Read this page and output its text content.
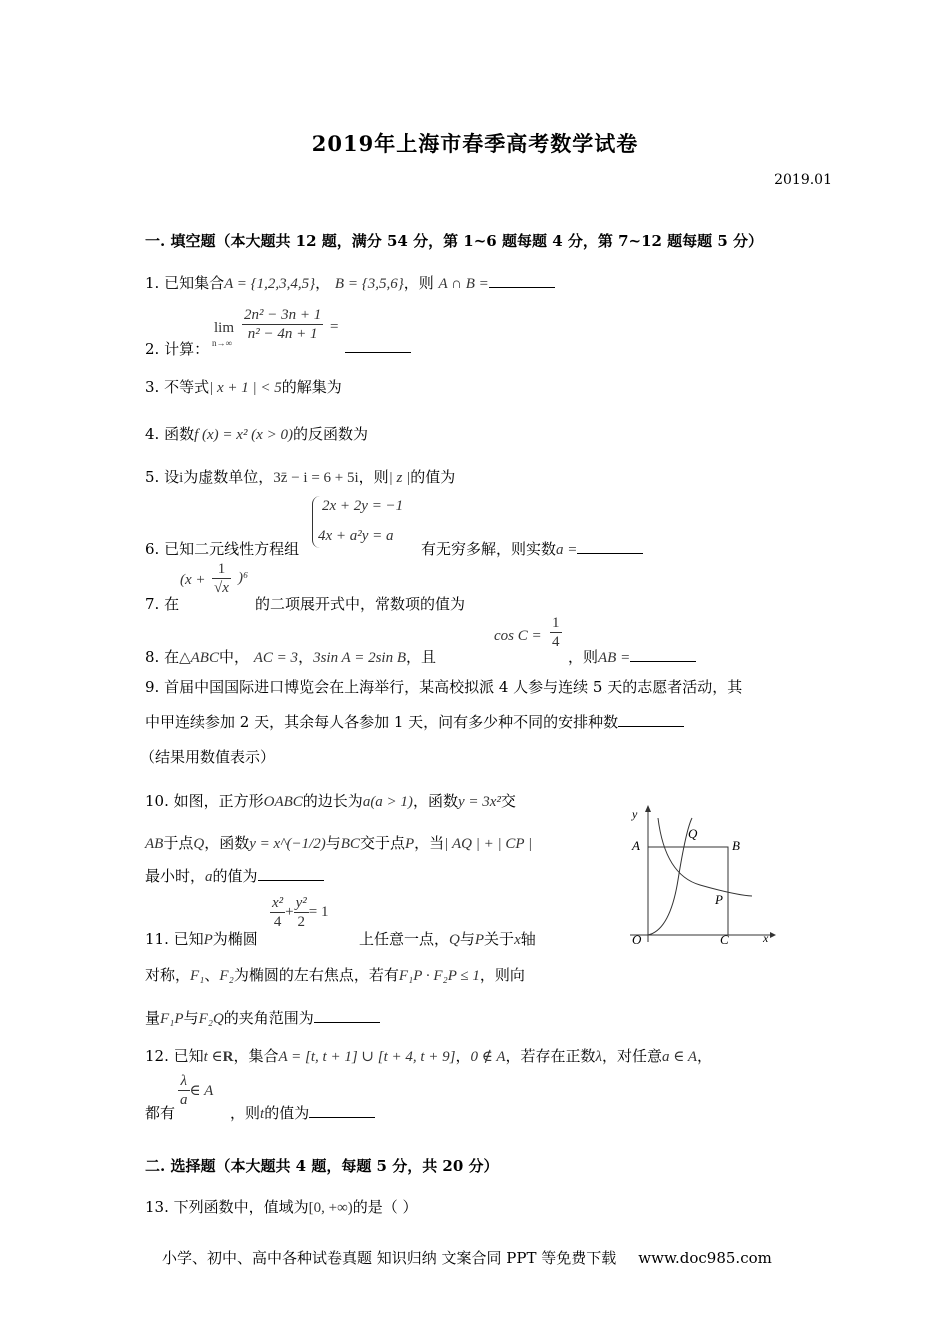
2019年上海市春季高考数学试卷
2019.01
一. 填空题（本大题共 12 题，满分 54 分，第 1~6 题每题 4 分，第 7~12 题每题 5 分）
1. 已知集合A = {1,2,3,4,5}， B = {3,5,6}，则 A ∩ B =
2. 计算：
lim
$n\to\infty \frac{\text{2n² − 3n + 1}}{\text{n² − 4n + 1}}$ =
3. 不等式| x + 1 | < 5的解集为
4. 函数f (x) = x² (x > 0)的反函数为
5. 设i为虚数单位，3z̄ − i = 6 + 5i，则| z |的值为
2x + 2y = −1
4x + a²y = a
6. 已知二元线性方程组	有无穷多解，则实数a =
$(x + \frac{1}{√x} )^6$
7. 在	的二项展开式中，常数项的值为
8. 在△ABC中， AC = 3，3sin A = 2sin B，且
$\cos C = \frac{1}{4}$
，则AB =
9. 首届中国国际进口博览会在上海举行，某高校拟派 4 人参与连续 5 天的志愿者活动，其
中甲连续参加 2 天，其余每人各参加 1 天，问有多少种不同的安排种数
（结果用数值表示）
10. 如图，正方形OABC的边长为a(a > 1)，函数y = 3x²交
AB于点Q，函数y = x^(−1/2)与BC交于点P，当| AQ | + | CP |
最小时，a的值为
y
x
O
A	B
C
P
Q
$\frac{\text{x²}}{4} + \frac{\text{y²}}{2} = 1$
11. 已知P为椭圆	上任意一点，Q与P关于x轴
对称，F₁、F₂为椭圆的左右焦点，若有F₁P · F₂P ≤ 1，则向
量F₁P与F₂Q的夹角范围为
12. 已知t ∈R，集合A = [t, t + 1] ∪ [t + 4, t + 9]，0 ∉ A，若存在正数λ，对任意a ∈ A，
$\frac{\lambda}{a}$ ∈ A
都有	，则t的值为
二. 选择题（本大题共 4 题，每题 5 分，共 20 分）
13. 下列函数中，值域为[0, +∞)的是（ ）
小学、初中、高中各种试卷真题 知识归纳 文案合同 PPT 等免费下载 www.doc985.com
